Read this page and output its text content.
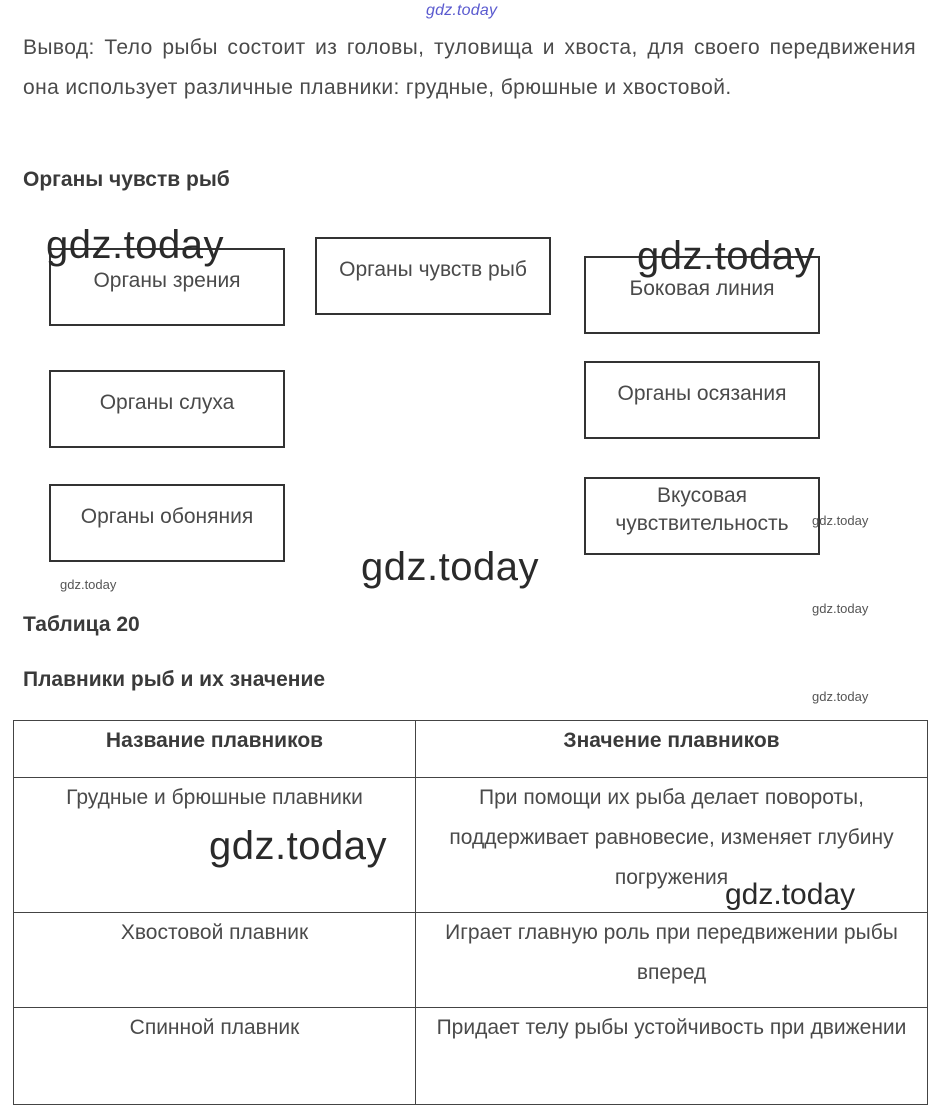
gdz.today
Вывод: Тело рыбы состоит из головы, туловища и хвоста, для своего передвижения она использует различные плавники: грудные, брюшные и хвостовой.
Органы чувств рыб
Органы зрения	Органы чувств рыб
Боковая линия
Органы слуха	Органы осязания
Органы обоняния
Вкусовая чувствительность
gdz.today	gdz.today
gdz.today
gdz.today
gdz.today
gdz.today
gdz.today
Таблица 20
Плавники рыб и их значение
Название плавников	Значение плавников
Грудные и брюшные плавники	При помощи их рыба делает повороты, поддерживает равновесие, изменяет глубину погружения
Хвостовой плавник	Играет главную роль при передвижении рыбы вперед
Спинной плавник	Придает телу рыбы устойчивость при движении
gdz.today
gdz.today
